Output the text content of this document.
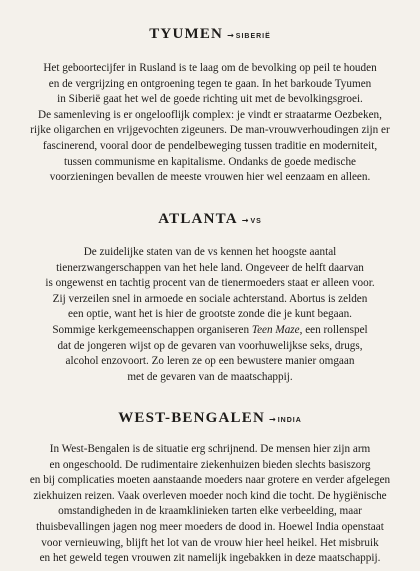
TYUMEN → SIBERIË
Het geboortecijfer in Rusland is te laag om de bevolking op peil te houden
en de vergrijzing en ontgroening tegen te gaan. In het barkoude Tyumen
in Siberië gaat het wel de goede richting uit met de bevolkingsgroei.
De samenleving is er ongelooflijk complex: je vindt er straatarme Oezbeken,
rijke oligarchen en vrijgevochten zigeuners. De man-vrouwverhoudingen zijn er
fascinerend, vooral door de pendelbeweging tussen traditie en moderniteit,
tussen communisme en kapitalisme. Ondanks de goede medische
voorzieningen bevallen de meeste vrouwen hier wel eenzaam en alleen.
ATLANTA → VS
De zuidelijke staten van de vs kennen het hoogste aantal
tienerzwangerschappen van het hele land. Ongeveer de helft daarvan
is ongewenst en tachtig procent van de tienermoeders staat er alleen voor.
Zij verzeilen snel in armoede en sociale achterstand. Abortus is zelden
een optie, want het is hier de grootste zonde die je kunt begaan.
Sommige kerkgemeenschappen organiseren Teen Maze, een rollenspel
dat de jongeren wijst op de gevaren van voorhuwelijkse seks, drugs,
alcohol enzovoort. Zo leren ze op een bewustere manier omgaan
met de gevaren van de maatschappij.
WEST-BENGALEN → INDIA
In West-Bengalen is de situatie erg schrijnend. De mensen hier zijn arm
en ongeschoold. De rudimentaire ziekenhuizen bieden slechts basiszorg
en bij complicaties moeten aanstaande moeders naar grotere en verder afgelegen
ziekhuizen reizen. Vaak overleven moeder noch kind die tocht. De hygiënische
omstandigheden in de kraamklinieken tarten elke verbeelding, maar
thuisbevallingen jagen nog meer moeders de dood in. Hoewel India openstaat
voor vernieuwing, blijft het lot van de vrouw hier heel heikel. Het misbruik
en het geweld tegen vrouwen zit namelijk ingebakken in deze maatschappij.
